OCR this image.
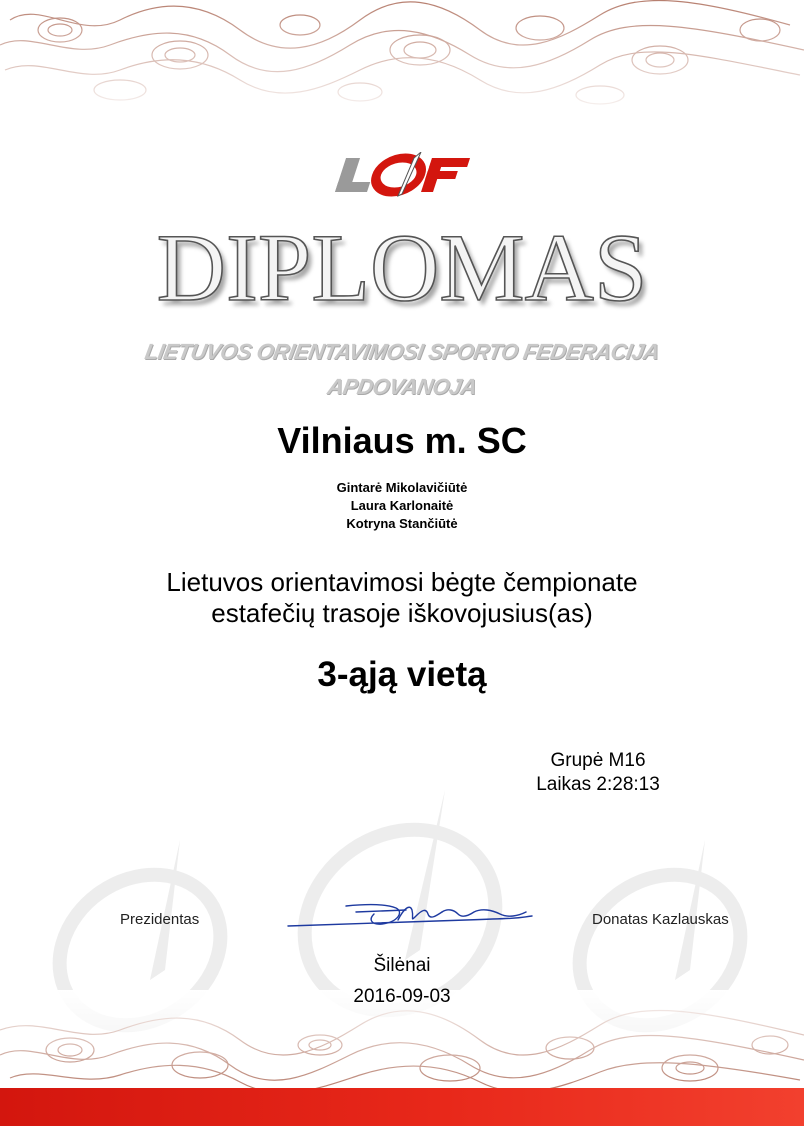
DIPLOMAS
LIETUVOS ORIENTAVIMOSI SPORTO FEDERACIJA
APDOVANOJA
Vilniaus m. SC
Gintarė Mikolavičiūtė
Laura Karlonaitė
Kotryna Stančiūtė
Lietuvos orientavimosi bėgte čempionate
estafečių trasoje iškovojusius(as)
3-ąją vietą
Grupė M16
Laikas 2:28:13
Prezidentas	Donatas Kazlauskas
Šilėnai
2016-09-03
